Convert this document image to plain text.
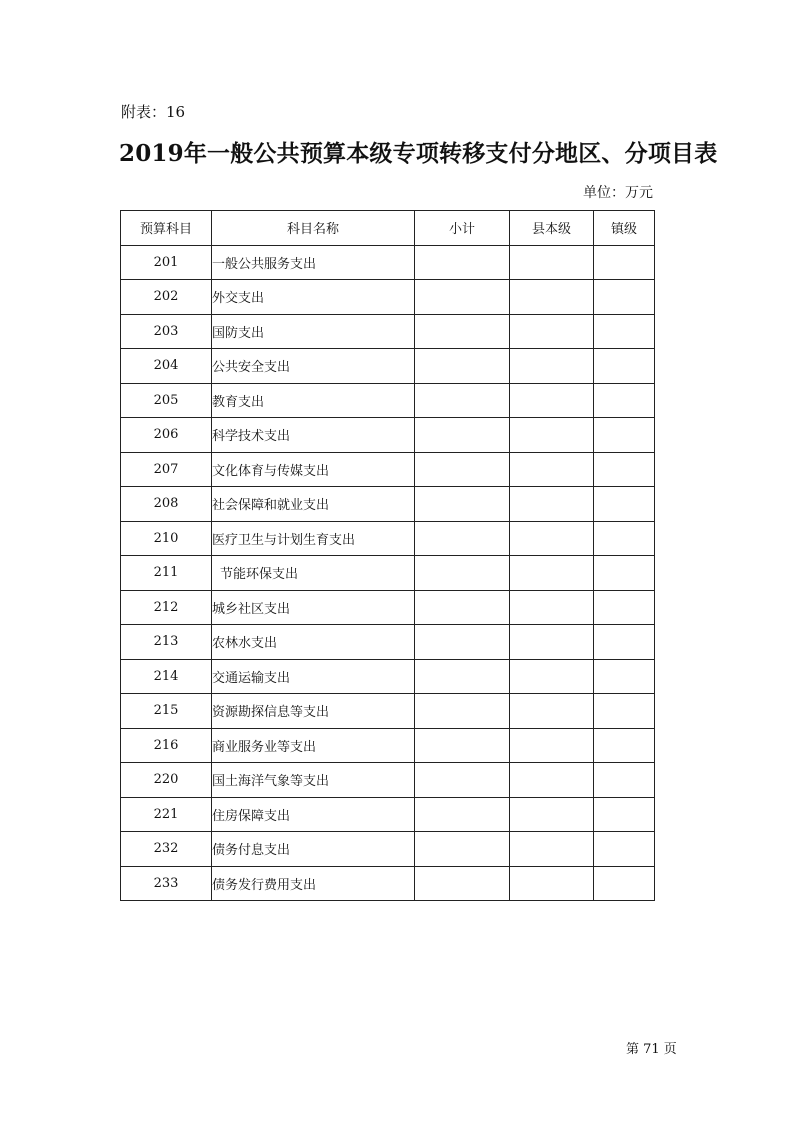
附表：16
2019年一般公共预算本级专项转移支付分地区、分项目表
单位：万元
预算科目	科目名称	小计	县本级	镇级
201	一般公共服务支出			
202	外交支出			
203	国防支出			
204	公共安全支出			
205	教育支出			
206	科学技术支出			
207	文化体育与传媒支出			
208	社会保障和就业支出			
210	医疗卫生与计划生育支出			
211	节能环保支出			
212	城乡社区支出			
213	农林水支出			
214	交通运输支出			
215	资源勘探信息等支出			
216	商业服务业等支出			
220	国土海洋气象等支出			
221	住房保障支出			
232	债务付息支出			
233	债务发行费用支出			
第 71 页
